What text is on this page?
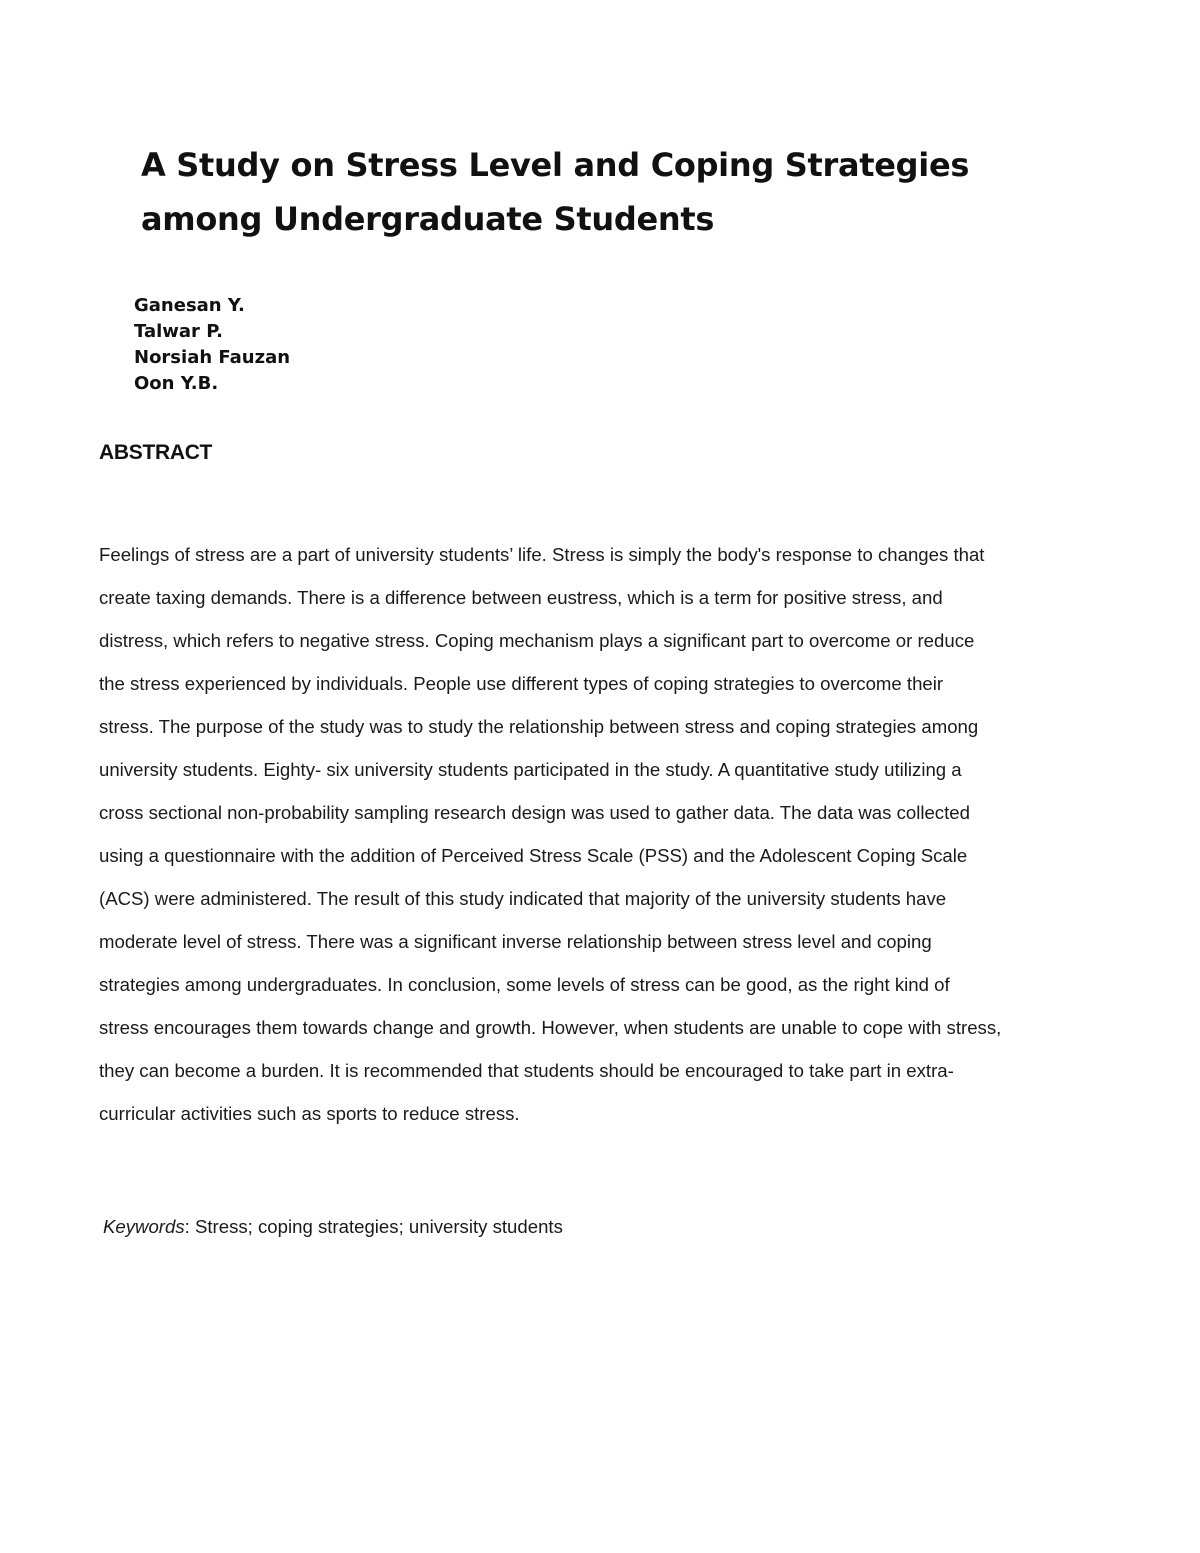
A Study on Stress Level and Coping Strategies
among Undergraduate Students
Ganesan Y.
Talwar P.
Norsiah Fauzan
Oon Y.B.
ABSTRACT

Feelings of stress are a part of university students’ life. Stress is simply the body's response to changes that
create taxing demands. There is a difference between eustress, which is a term for positive stress, and
distress, which refers to negative stress. Coping mechanism plays a significant part to overcome or reduce
the stress experienced by individuals. People use different types of coping strategies to overcome their
stress. The purpose of the study was to study the relationship between stress and coping strategies among
university students. Eighty- six university students participated in the study. A quantitative study utilizing a
cross sectional non-probability sampling research design was used to gather data. The data was collected
using a questionnaire with the addition of Perceived Stress Scale (PSS) and the Adolescent Coping Scale
(ACS) were administered. The result of this study indicated that majority of the university students have
moderate level of stress. There was a significant inverse relationship between stress level and coping
strategies among undergraduates. In conclusion, some levels of stress can be good, as the right kind of
stress encourages them towards change and growth. However, when students are unable to cope with stress,
they can become a burden. It is recommended that students should be encouraged to take part in extra-
curricular activities such as sports to reduce stress.

Keywords: Stress; coping strategies; university students
